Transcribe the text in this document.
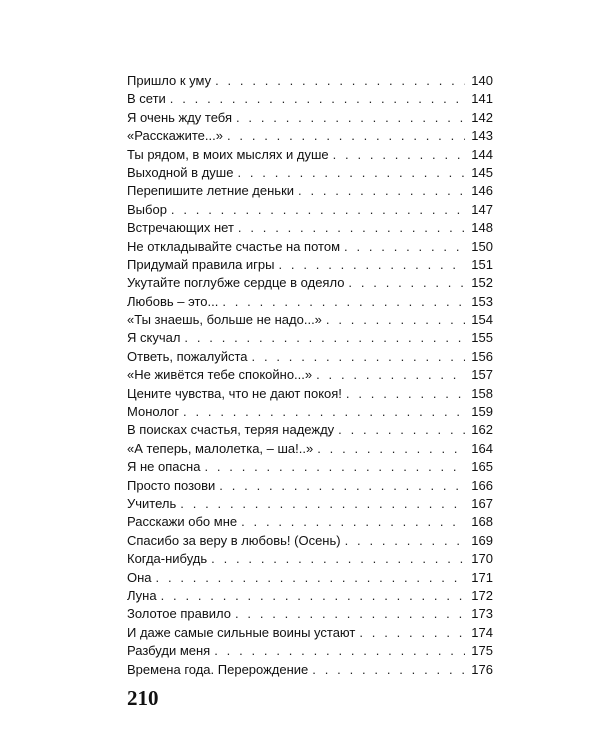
Пришло к уму . . .	140
В сети . . .	141
Я очень жду тебя . . .	142
«Расскажите...» . . .	143
Ты рядом, в моих мыслях и душе . . .	144
Выходной в душе . . .	145
Перепишите летние деньки . . .	146
Выбор . . .	147
Встречающих нет . . .	148
Не откладывайте счастье на потом . . .	150
Придумай правила игры . . .	151
Укутайте поглубже сердце в одеяло . . .	152
Любовь – это... . . .	153
«Ты знаешь, больше не надо...» . . .	154
Я скучал . . .	155
Ответь, пожалуйста . . .	156
«Не живётся тебе спокойно...» . . .	157
Цените чувства, что не дают покоя! . . .	158
Монолог . . .	159
В поисках счастья, теряя надежду . . .	162
«А теперь, малолетка, – ша!..» . . .	164
Я не опасна . . .	165
Просто позови . . .	166
Учитель . . .	167
Расскажи обо мне . . .	168
Спасибо за веру в любовь! (Осень) . . .	169
Когда-нибудь . . .	170
Она . . .	171
Луна . . .	172
Золотое правило . . .	173
И даже самые сильные воины устают . . .	174
Разбуди меня . . .	175
Времена года. Перерождение . . .	176
210
